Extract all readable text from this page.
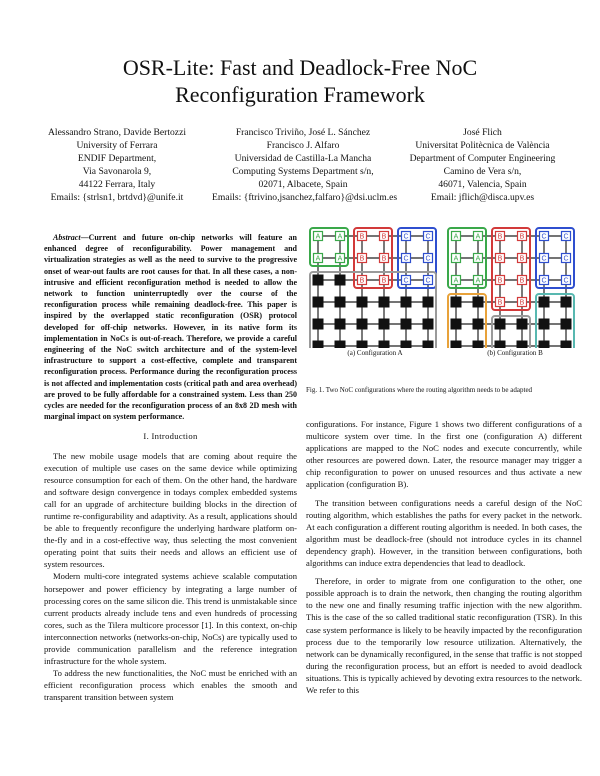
OSR-Lite: Fast and Deadlock-Free NoC
Reconfiguration Framework
Alessandro Strano, Davide Bertozzi
University of Ferrara
ENDIF Department,
Via Savonarola 9,
44122 Ferrara, Italy
Emails: {strlsn1, brtdvd}@unife.it
Francisco Triviño, José L. Sánchez
Francisco J. Alfaro
Universidad de Castilla-La Mancha
Computing Systems Department s/n,
02071, Albacete, Spain
Emails: {ftrivino,jsanchez,falfaro}@dsi.uclm.es
José Flich
Universitat Politècnica de València
Department of Computer Engineering
Camino de Vera s/n,
46071, Valencia, Spain
Email: jflich@disca.upv.es

Abstract—Current and future on-chip networks will feature an enhanced degree of reconfigurability. Power management and virtualization strategies as well as the need to survive to the progressive onset of wear-out faults are root causes for that. In all these cases, a non-intrusive and efficient reconfiguration method is needed to allow the network to function uninterruptedly over the course of the reconfiguration process while remaining deadlock-free. This paper is inspired by the overlapped static reconfiguration (OSR) protocol developed for off-chip networks. However, in its native form its implementation in NoCs is out-of-reach. Therefore, we provide a careful engineering of the NoC switch architecture and of the system-level infrastructure to support a cost-effective, complete and transparent reconfiguration process. Performance during the reconfiguration process is not affected and implementation costs (critical path and area overhead) are proved to be fully affordable for a constrained system. Less than 250 cycles are needed for the reconfiguration process of an 8x8 2D mesh with marginal impact on system performance.

I. Introduction

The new mobile usage models that are coming about require the execution of multiple use cases on the same device while optimizing resource consumption for each of them. On the other hand, the hardware and software design convergence in todays complex embedded systems call for an upgrade of architecture building blocks in the direction of runtime re-configurability and adaptivity. As a result, applications should be able to frequently reconfigure the underlying hardware platform on-the-fly and in a cost-effective way, thus selecting the most convenient operating point that suits their needs and allows an efficient use of system resources.

Modern multi-core integrated systems achieve scalable computation horsepower and power efficiency by integrating a large number of processing cores on the same silicon die. This trend is unmistakable since current products already include tens and even hundreds of processing cores, such as the Tilera multicore processor [1]. In this context, on-chip interconnection networks (networks-on-chip, NoCs) are typically used to provide communication parallelism and the reference integration infrastructure for the whole system.

To address the new functionalities, the NoC must be enriched with an efficient reconfiguration process which enables the smooth and transparent transition between system

A A B B C C
A A B B C C
B B C C
A A B B C C
A A B B C C
A A B B C C
B B
(a) Configuration A	(b) Configuration B
Fig. 1. Two NoC configurations where the routing algorithm needs to be adapted

configurations. For instance, Figure 1 shows two different configurations of a multicore system over time. In the first one (configuration A) different applications are mapped to the NoC nodes and execute concurrently, while other resources are powered down. Later, the resource manager may trigger a chip reconfiguration to power on unused resources and thus activate a new application (configuration B).

The transition between configurations needs a careful design of the NoC routing algorithm, which establishes the paths for every packet in the network. At each configuration a different routing algorithm is needed. In both cases, the algorithm must be deadlock-free (should not introduce cycles in its channel dependency graph). However, in the transition between configurations, both algorithms can induce extra dependencies that lead to deadlock.

Therefore, in order to migrate from one configuration to the other, one possible approach is to drain the network, then changing the routing algorithm to the new one and finally resuming traffic injection with the new algorithm. This is the case of the so called traditional static reconfiguration (TSR). In this case system performance is likely to be heavily impacted by the reconfiguration process due to the temporarily low resource utilization. Alternatively, the network can be dynamically reconfigured, in the sense that traffic is not stopped during the reconfiguration process, but an effort is needed to avoid deadlock situations. This is typically achieved by devoting extra resources to the network. We refer to this
